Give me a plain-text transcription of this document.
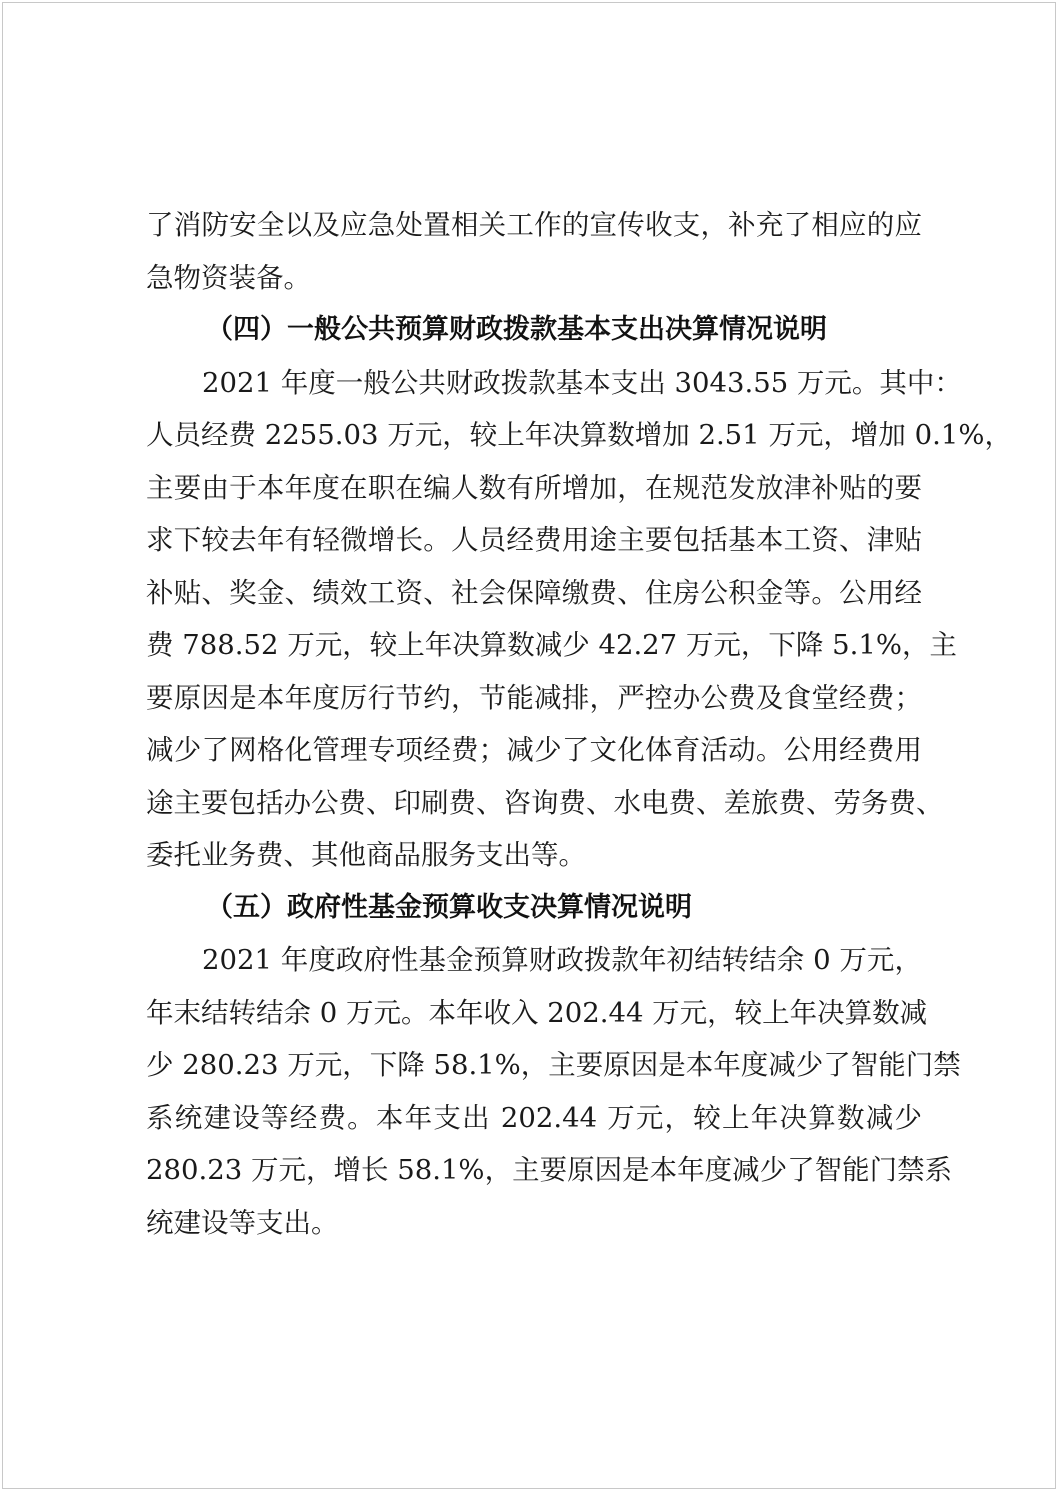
了消防安全以及应急处置相关工作的宣传收支，补充了相应的应
急物资装备。
（四）一般公共预算财政拨款基本支出决算情况说明
2021 年度一般公共财政拨款基本支出 3043.55 万元。其中：
人员经费 2255.03 万元，较上年决算数增加 2.51 万元，增加 0.1%，
主要由于本年度在职在编人数有所增加，在规范发放津补贴的要
求下较去年有轻微增长。人员经费用途主要包括基本工资、津贴
补贴、奖金、绩效工资、社会保障缴费、住房公积金等。公用经
费 788.52 万元，较上年决算数减少 42.27 万元，下降 5.1%，主
要原因是本年度厉行节约，节能减排，严控办公费及食堂经费；
减少了网格化管理专项经费；减少了文化体育活动。公用经费用
途主要包括办公费、印刷费、咨询费、水电费、差旅费、劳务费、
委托业务费、其他商品服务支出等。
（五）政府性基金预算收支决算情况说明
2021 年度政府性基金预算财政拨款年初结转结余 0 万元，
年末结转结余 0 万元。本年收入 202.44 万元，较上年决算数减
少 280.23 万元，下降 58.1%，主要原因是本年度减少了智能门禁
系统建设等经费。本年支出 202.44 万元，较上年决算数减少
280.23 万元，增长 58.1%，主要原因是本年度减少了智能门禁系
统建设等支出。
